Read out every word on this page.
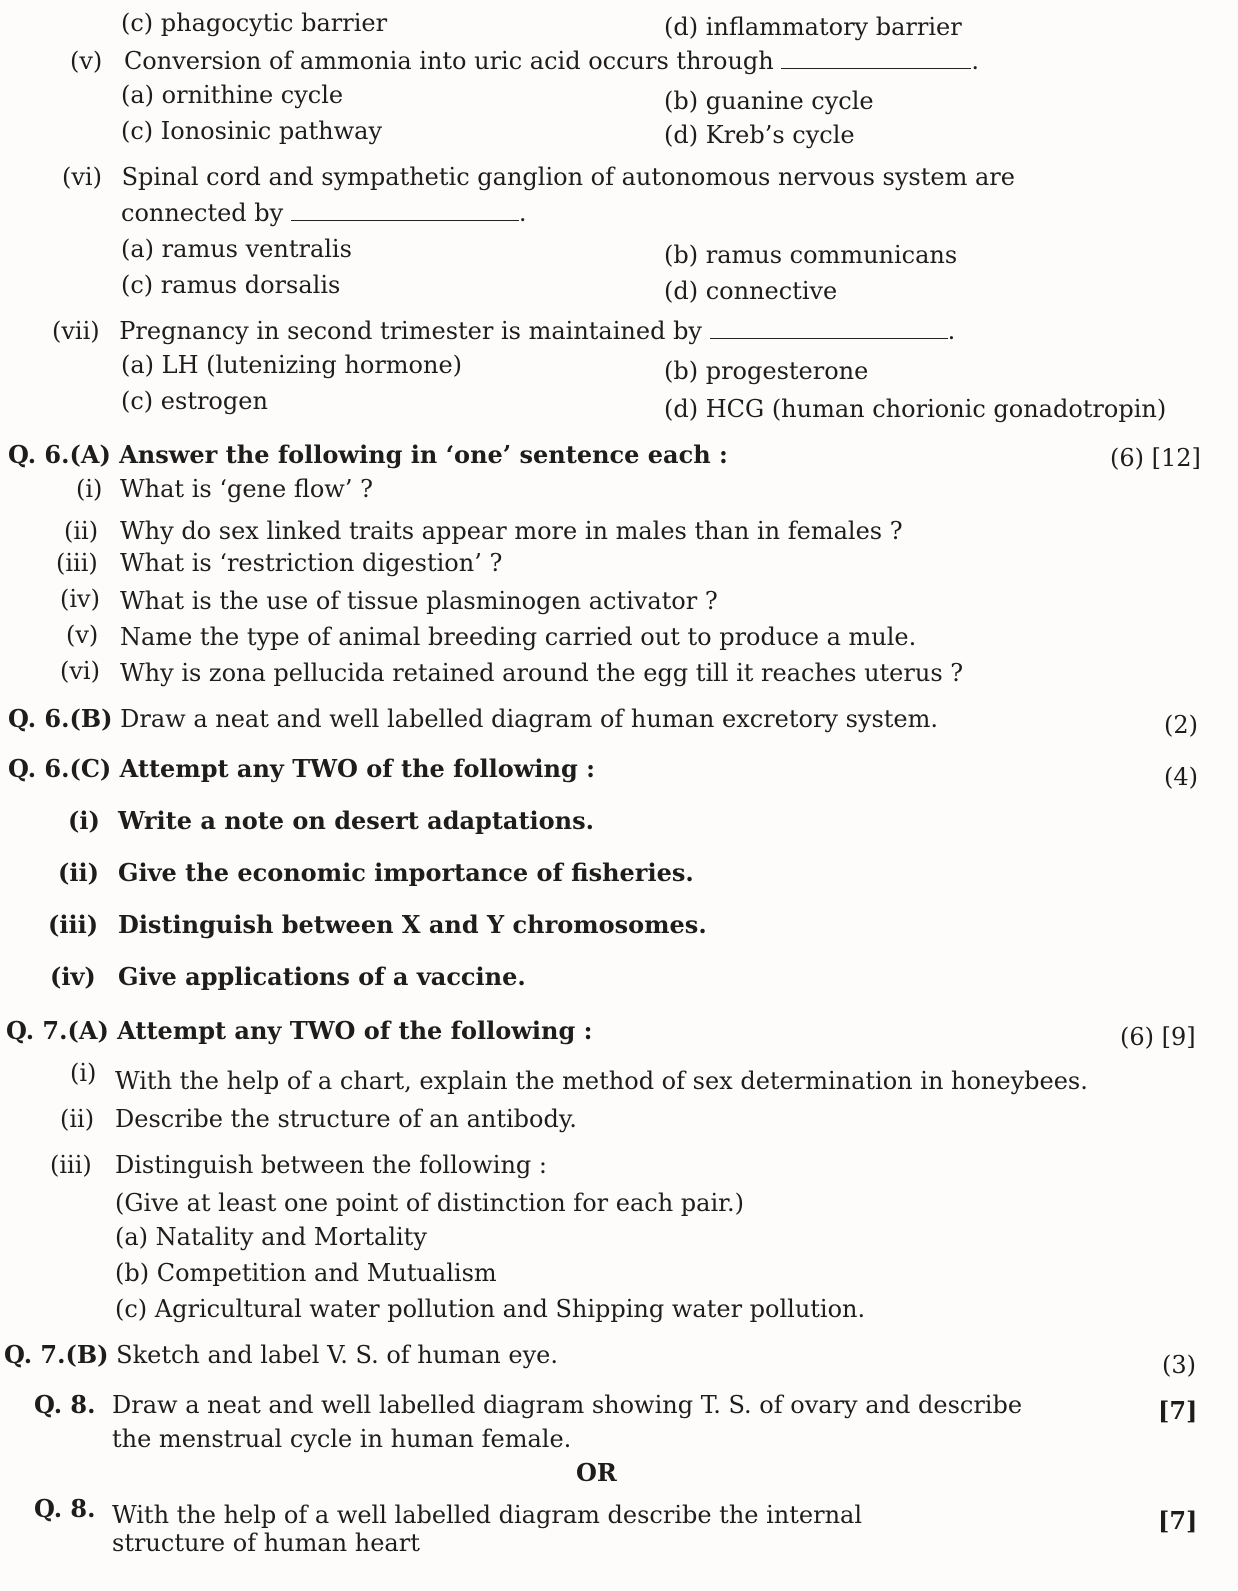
(c) phagocytic barrier	(d) inflammatory barrier
(v) Conversion of ammonia into uric acid occurs through	.
(a) ornithine cycle	(b) guanine cycle
(c) Ionosinic pathway	(d) Kreb’s cycle
(vi) Spinal cord and sympathetic ganglion of autonomous nervous system are
connected by	.
(a) ramus ventralis	(b) ramus communicans
(c) ramus dorsalis	(d) connective
(vii) Pregnancy in second trimester is maintained by	.
(a) LH (lutenizing hormone)	(b) progesterone
(c) estrogen	(d) HCG (human chorionic gonadotropin)
Q. 6.(A) Answer the following in ‘one’ sentence each :	(6) [12]
(i) What is ‘gene flow’ ?
(ii) Why do sex linked traits appear more in males than in females ?
(iii) What is ‘restriction digestion’ ?
(iv) What is the use of tissue plasminogen activator ?
(v) Name the type of animal breeding carried out to produce a mule.
(vi) Why is zona pellucida retained around the egg till it reaches uterus ?
Q. 6.(B) Draw a neat and well labelled diagram of human excretory system.	(2)
Q. 6.(C) Attempt any TWO of the following :	(4)
(i) Write a note on desert adaptations.
(ii) Give the economic importance of fisheries.
(iii) Distinguish between X and Y chromosomes.
(iv) Give applications of a vaccine.
Q. 7.(A) Attempt any TWO of the following :	(6) [9]
(i) With the help of a chart, explain the method of sex determination in honeybees.
(ii) Describe the structure of an antibody.
(iii) Distinguish between the following :
(Give at least one point of distinction for each pair.)
(a) Natality and Mortality
(b) Competition and Mutualism
(c) Agricultural water pollution and Shipping water pollution.
Q. 7.(B) Sketch and label V. S. of human eye.	(3)
Q. 8. Draw a neat and well labelled diagram showing T. S. of ovary and describe
the menstrual cycle in human female.
[7]
OR
Q. 8. With the help of a well labelled diagram describe the internal
structure of human heart
[7]
